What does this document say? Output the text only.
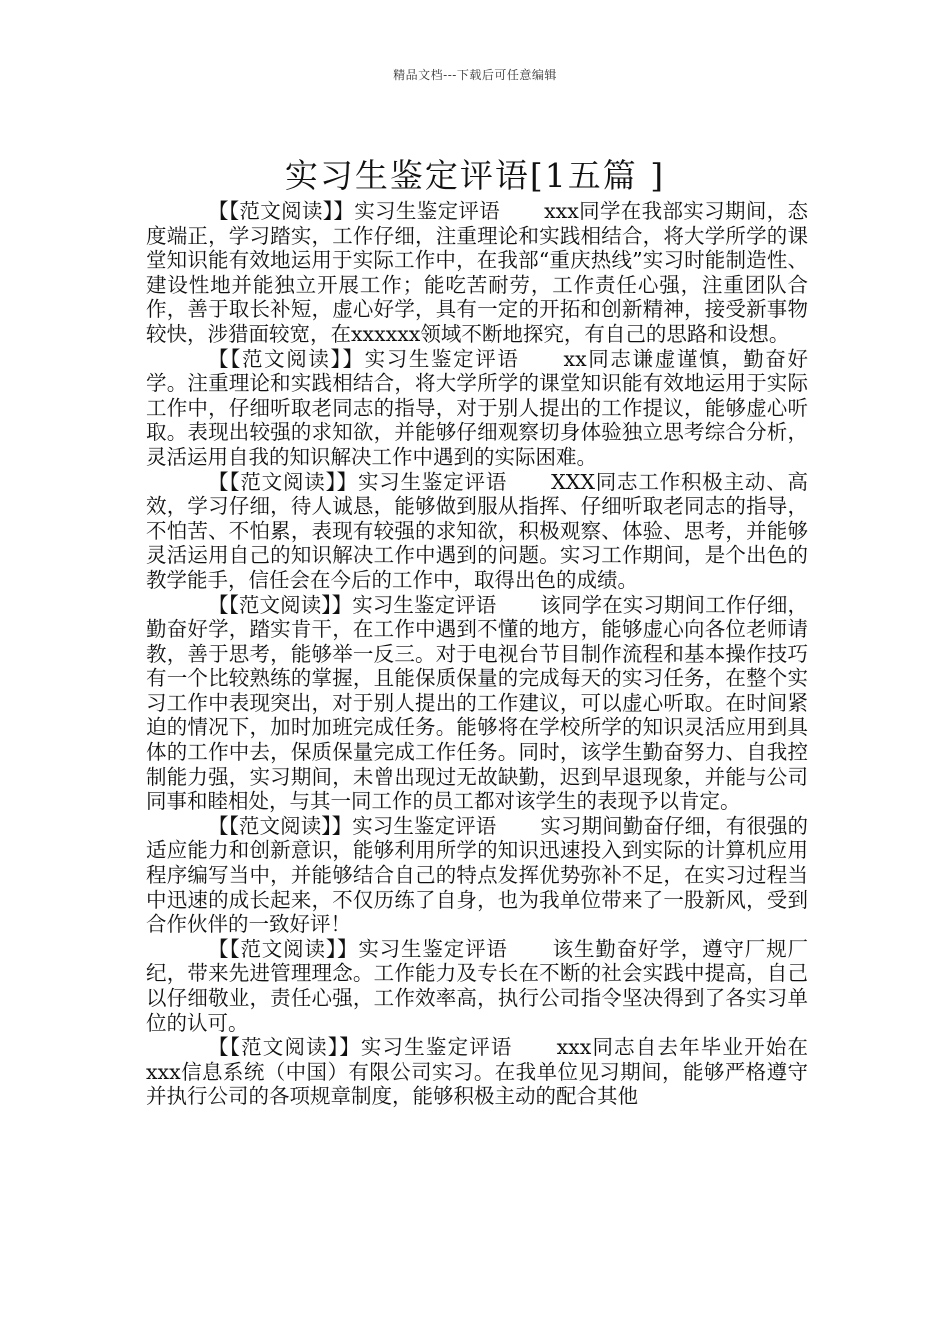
精品文档---下载后可任意编辑
实习生鉴定评语[1五篇 ]

【【范文阅读】】实习生鉴定评语 xxx同学在我部实习期间，态度端正，学习踏实，工作仔细，注重理论和实践相结合，将大学所学的课堂知识能有效地运用于实际工作中，在我部“重庆热线”实习时能制造性、建设性地并能独立开展工作；能吃苦耐劳，工作责任心强，注重团队合作，善于取长补短，虚心好学，具有一定的开拓和创新精神，接受新事物较快，涉猎面较宽，在xxxxxx领域不断地探究，有自己的思路和设想。

【【范文阅读】】实习生鉴定评语 xx同志谦虚谨慎，勤奋好学。注重理论和实践相结合，将大学所学的课堂知识能有效地运用于实际工作中，仔细听取老同志的指导，对于别人提出的工作提议，能够虚心听取。表现出较强的求知欲，并能够仔细观察切身体验独立思考综合分析，灵活运用自我的知识解决工作中遇到的实际困难。

【【范文阅读】】实习生鉴定评语 XXX同志工作积极主动、高效，学习仔细，待人诚恳，能够做到服从指挥、仔细听取老同志的指导，不怕苦、不怕累，表现有较强的求知欲，积极观察、体验、思考，并能够灵活运用自己的知识解决工作中遇到的问题。实习工作期间，是个出色的教学能手，信任会在今后的工作中，取得出色的成绩。

【【范文阅读】】实习生鉴定评语 该同学在实习期间工作仔细，勤奋好学，踏实肯干，在工作中遇到不懂的地方，能够虚心向各位老师请教，善于思考，能够举一反三。对于电视台节目制作流程和基本操作技巧有一个比较熟练的掌握，且能保质保量的完成每天的实习任务，在整个实习工作中表现突出，对于别人提出的工作建议，可以虚心听取。在时间紧迫的情况下，加时加班完成任务。能够将在学校所学的知识灵活应用到具体的工作中去，保质保量完成工作任务。同时，该学生勤奋努力、自我控制能力强，实习期间，未曾出现过无故缺勤，迟到早退现象，并能与公司同事和睦相处，与其一同工作的员工都对该学生的表现予以肯定。

【【范文阅读】】实习生鉴定评语 实习期间勤奋仔细，有很强的适应能力和创新意识，能够利用所学的知识迅速投入到实际的计算机应用程序编写当中，并能够结合自己的特点发挥优势弥补不足，在实习过程当中迅速的成长起来，不仅历练了自身，也为我单位带来了一股新风，受到合作伙伴的一致好评！

【【范文阅读】】实习生鉴定评语 该生勤奋好学，遵守厂规厂纪，带来先进管理理念。工作能力及专长在不断的社会实践中提高，自己以仔细敬业，责任心强，工作效率高，执行公司指令坚决得到了各实习单位的认可。

【【范文阅读】】实习生鉴定评语 xxx同志自去年毕业开始在xxx信息系统（中国）有限公司实习。在我单位见习期间，能够严格遵守并执行公司的各项规章制度，能够积极主动的配合其他
